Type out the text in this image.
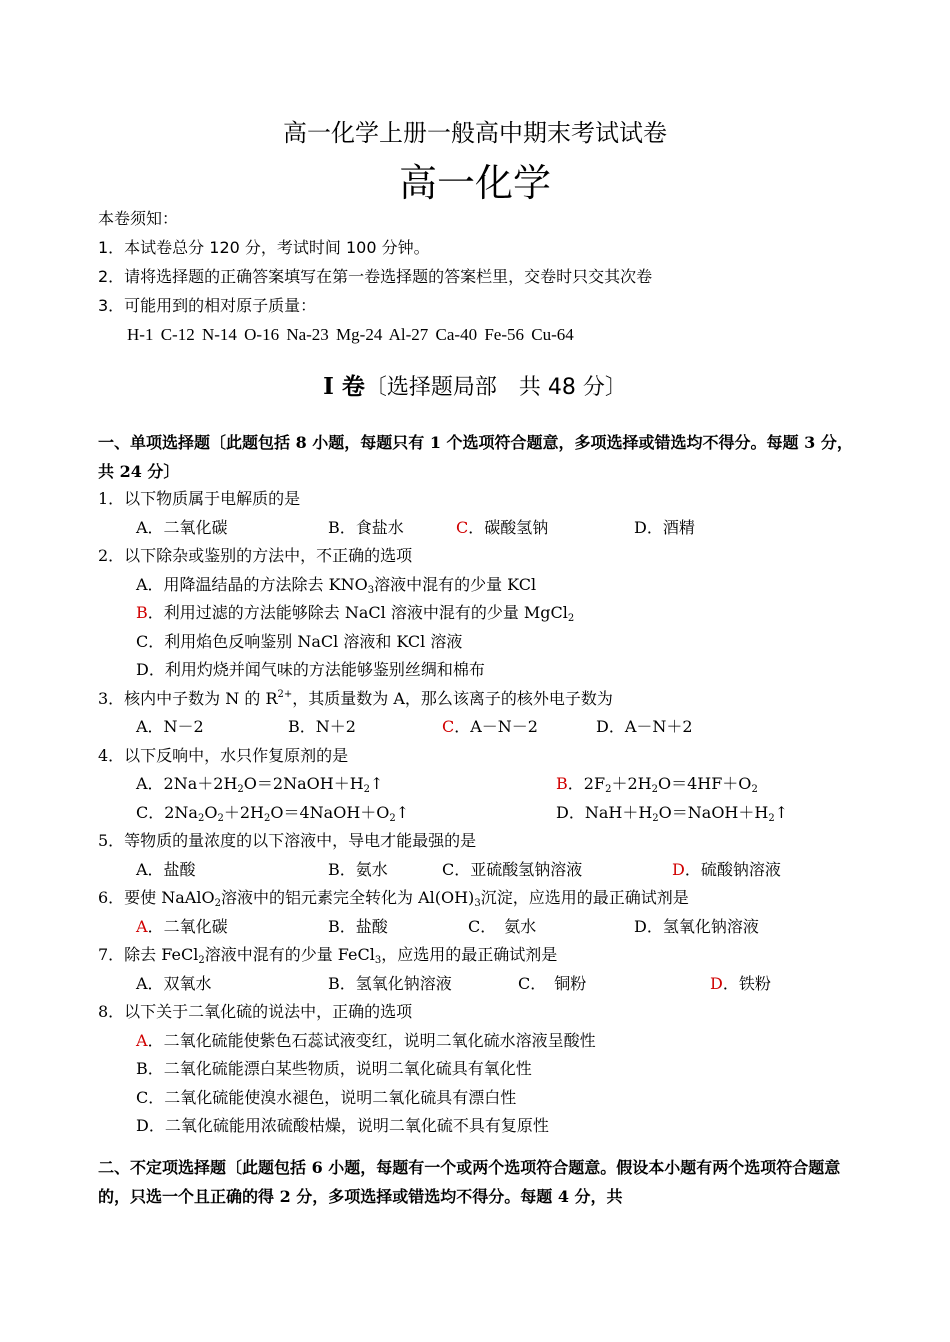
高一化学上册一般高中期末考试试卷
高一化学
本卷须知：
1．本试卷总分 120 分，考试时间 100 分钟。
2．请将选择题的正确答案填写在第一卷选择题的答案栏里，交卷时只交其次卷
3．可能用到的相对原子质量：
H-1 C-12 N-14 O-16 Na-23 Mg-24 Al-27 Ca-40 Fe-56 Cu-64
Ⅰ 卷〔选择题局部　共 48 分〕
一、单项选择题〔此题包括 8 小题，每题只有 1 个选项符合题意，多项选择或错选均不得分。每题 3 分，共 24 分〕
1．以下物质属于电解质的是
A．二氧化碳	B．食盐水	C．碳酸氢钠	D．酒精
2．以下除杂或鉴别的方法中，不正确的选项
A．用降温结晶的方法除去 $KNO_3$溶液中混有的少量 KCl
B．利用过滤的方法能够除去 NaCl 溶液中混有的少量 MgCl$_2$
C．利用焰色反响鉴别 NaCl 溶液和 KCl 溶液
D．利用灼烧并闻气味的方法能够鉴别丝绸和棉布
3．核内中子数为 N 的 $R^{2+}$，其质量数为 A，那么该离子的核外电子数为
A．N－2	B．N＋2	C．A－N－2	D．A－N＋2
4．以下反响中，水只作复原剂的是
A．$2Na+2H_2O=2NaOH+H_2↑$	B．$2F_2+2H_2O=4HF+O_2$
C．$2Na_2O_2+2H_2O=4NaOH+O_2↑$	D．$NaH+H_2O=NaOH+H_2↑$
5．等物质的量浓度的以下溶液中，导电才能最强的是
A．盐酸	B．氨水	C．亚硫酸氢钠溶液	D．硫酸钠溶液
6．要使 NaAlO$_2$溶液中的铝元素完全转化为 $Al(OH)_3$沉淀，应选用的最正确试剂是
A．二氧化碳	B．盐酸	C．　氨水	D．氢氧化钠溶液
7．除去 FeCl$_2$溶液中混有的少量 FeCl$_3$，应选用的最正确试剂是
A．双氧水	B．氢氧化钠溶液	C．　铜粉	D．铁粉
8．以下关于二氧化硫的说法中，正确的选项
A．二氧化硫能使紫色石蕊试液变红，说明二氧化硫水溶液呈酸性
B．二氧化硫能漂白某些物质，说明二氧化硫具有氧化性
C．二氧化硫能使溴水褪色，说明二氧化硫具有漂白性
D．二氧化硫能用浓硫酸枯燥，说明二氧化硫不具有复原性
二、不定项选择题〔此题包括 6 小题，每题有一个或两个选项符合题意。假设本小题有两个选项符合题意的，只选一个且正确的得 2 分，多项选择或错选均不得分。每题 4 分，共
